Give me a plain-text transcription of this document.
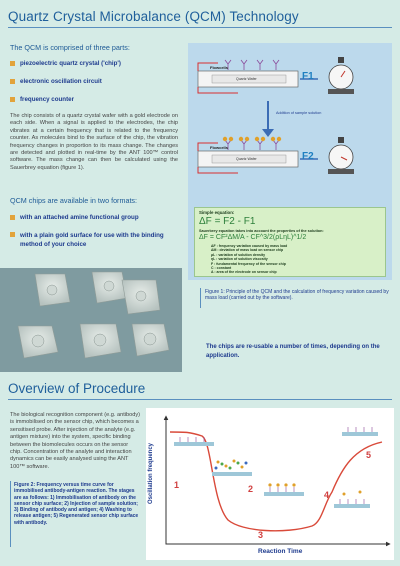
Quartz Crystal Microbalance (QCM) Technology
The QCM is comprised of three parts:
piezoelectric quartz crystal ('chip')
electronic oscillation circuit
frequency counter
The chip consists of a quartz crystal wafer with a gold electrode on each side. When a signal is applied to the electrodes, the chip vibrates at a certain frequency that is related to the frequency counter. As molecules bind to the surface of the chip, the vibration frequency changes in proportion to its mass change. The changes are detected and plotted in real-time by the ANT 100™ control software. The mass change can then be calculated using the Sauerbrey equation (figure 1).
QCM chips are available in two formats:
with an attached amine functional group
with a plain gold surface for use with the binding method of your choice
Flowcells
Quartz Wafer	F1
Addition of sample solution
Flowcells
Quartz Wafer	F2
Simple equation:
ΔF = F2 - F1
Sauerbrey equation takes into account the properties of the solution:
ΔF = CF²ΔM/A - CF^3/2(ρLηL)^1/2
ΔF : frequency variation caused by mass load
ΔM : deviation of mass load on sensor chip
ρL : variation of solution density
ηL : variation of solution viscosity
F : fundamental frequency of the sensor chip
C : constant
A : area of the electrode on sensor chip
Figure 1: Principle of the QCM and the calculation of frequency variation caused by mass load (carried out by the software).
The chips are re-usable a number of times, depending on the application.
Overview of Procedure
The biological recognition component (e.g. antibody) is immobilised on the sensor chip, which becomes a sensitised probe. After injection of the analyte (e.g. antigen mixture) into the system, specific binding between the biomolecules occurs on the sensor chip. Concentration of the analyte and interaction dynamics can be easily analysed using the ANT 100™ software.
Figure 2: Frequency versus time curve for immobilised antibody-antigen reaction. The stages are as follows: 1) Immobilisation of antibody on the sensor chip surface; 2) Injection of sample solution; 3) Binding of antibody and antigen; 4) Washing to release antigen; 5) Regenerated sensor chip surface with antibody.
1	2
3
4
5
Oscillation frequency
Reaction Time
